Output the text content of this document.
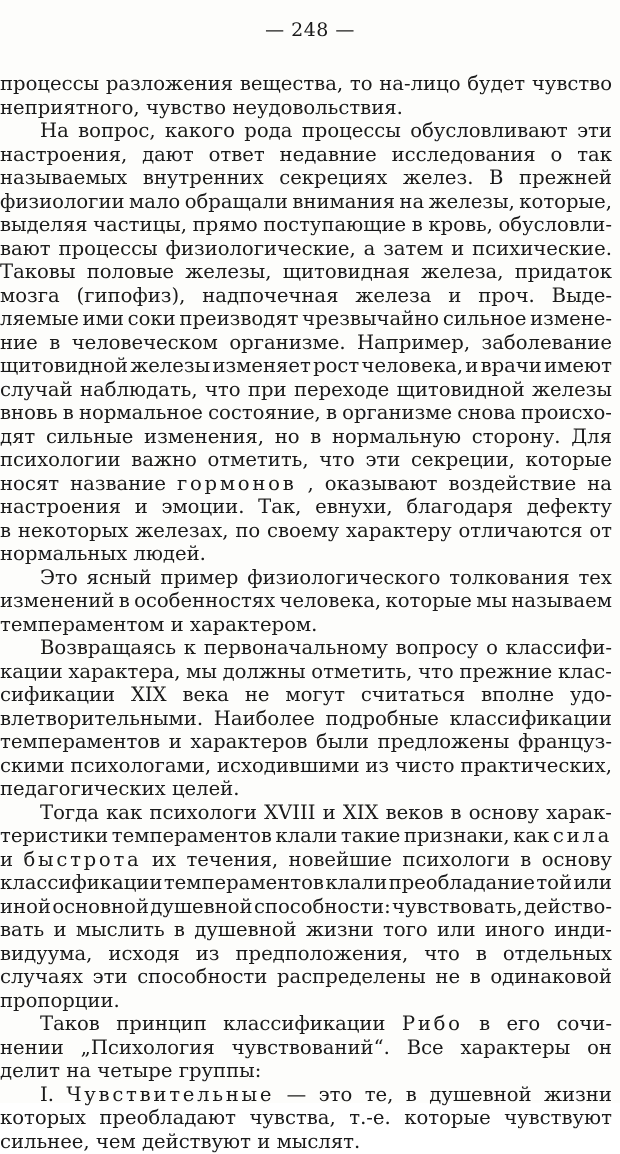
— 248 —
процессы разложения вещества, то на-лицо будет чувство
неприятного, чувство неудовольствия.
На вопрос, какого рода процессы обусловливают эти
настроения, дают ответ недавние исследования о так
называемых внутренних секрециях желез. В прежней
физиологии мало обращали внимания на железы, которые,
выделяя частицы, прямо поступающие в кровь, обусловли-
вают процессы физиологические, а затем и психические.
Таковы половые железы, щитовидная железа, придаток
мозга (гипофиз), надпочечная железа и проч. Выде-
ляемые ими соки преизводят чрезвычайно сильное измене-
ние в человеческом организме. Например, заболевание
щитовидной железы изменяет рост человека, и врачи имеют
случай наблюдать, что при переходе щитовидной железы
вновь в нормальное состояние, в организме снова происхо-
дят сильные изменения, но в нормальную сторону. Для
психологии важно отметить, что эти секреции, которые
носят название гормонов , оказывают воздействие на
настроения и эмоции. Так, евнухи, благодаря дефекту
в некоторых железах, по своему характеру отличаются от
нормальных людей.
Это ясный пример физиологического толкования тех
изменений в особенностях человека, которые мы называем
темпераментом и характером.
Возвращаясь к первоначальному вопросу о классифи-
кации характера, мы должны отметить, что прежние клас-
сификации XIX века не могут считаться вполне удо-
влетворительными. Наиболее подробные классификации
темпераментов и характеров были предложены француз-
скими психологами, исходившими из чисто практических,
педагогических целей.
Тогда как психологи XVIII и XIX веков в основу харак-
теристики темпераментов клали такие признаки, как сила
и быстрота их течения, новейшие психологи в основу
классификации темпераментов клали преобладание той или
иной основной душевной способности: чувствовать, действо-
вать и мыслить в душевной жизни того или иного инди-
видуума, исходя из предположения, что в отдельных
случаях эти способности распределены не в одинаковой
пропорции.
Таков принцип классификации Рибо в его сочи-
нении „Психология чувствований“. Все характеры он
делит на четыре группы:
I. Чувствительные — это те, в душевной жизни
которых преобладают чувства, т.-е. которые чувствуют
сильнее, чем действуют и мыслят.
